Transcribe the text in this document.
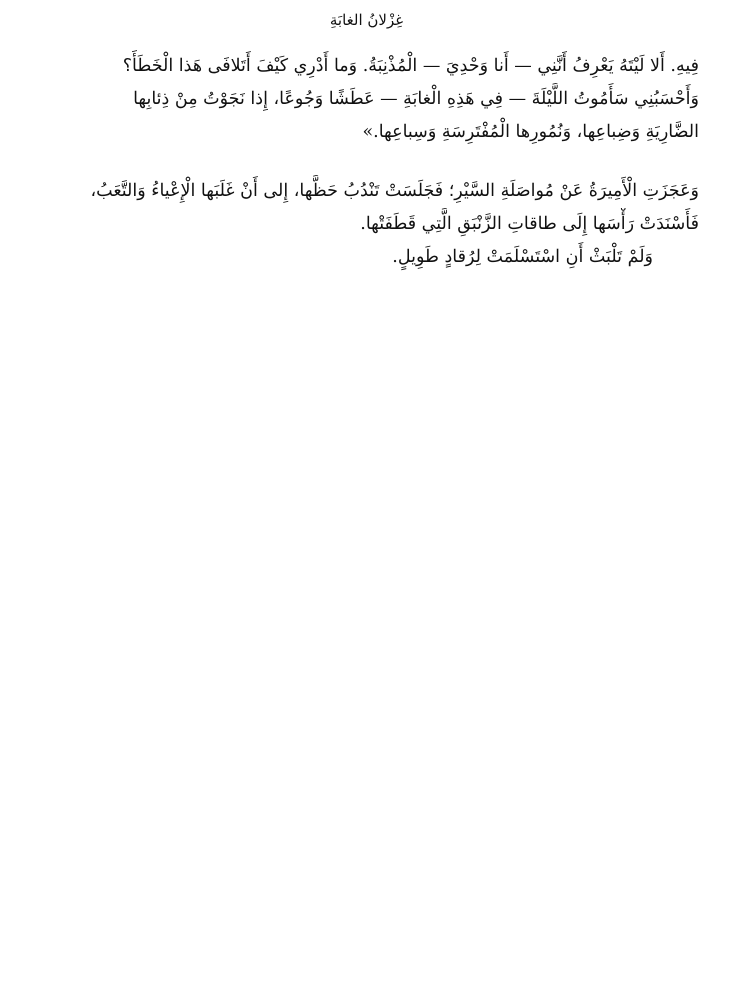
غِزْلانُ الغابَةِ

فِيهِ. أَلا لَيْتَهُ يَعْرِفُ أَنَّنِي — أَنا وَحْدِيَ — الْمُذْنِبَةُ. وَما أَدْرِي كَيْفَ أَتَلافَى هَذا الْخَطَأَ؟
وَأَحْسَبُنِي سَأَمُوتُ اللَّيْلَةَ — فِي هَذِهِ الْغابَةِ — عَطَشًا وَجُوعًا، إِذا نَجَوْتُ مِنْ ذِئابِها
الضَّارِيَةِ وَضِباعِها، وَنُمُورِها الْمُفْتَرِسَةِ وَسِباعِها.»

وَعَجَزَتِ الْأَمِيرَةُ عَنْ مُواصَلَةِ السَّيْرِ؛ فَجَلَسَتْ تَنْدُبُ حَظَّها، إِلى أَنْ غَلَبَها الْإِعْياءُ وَالتَّعَبُ،
فَأَسْنَدَتْ رَأْسَها إِلَى طاقاتِ الزَّنْبَقِ الَّتِي قَطَفَتْها.
وَلَمْ تَلْبَثْ أَنِ اسْتَسْلَمَتْ لِرُقادٍ طَوِيلٍ.
